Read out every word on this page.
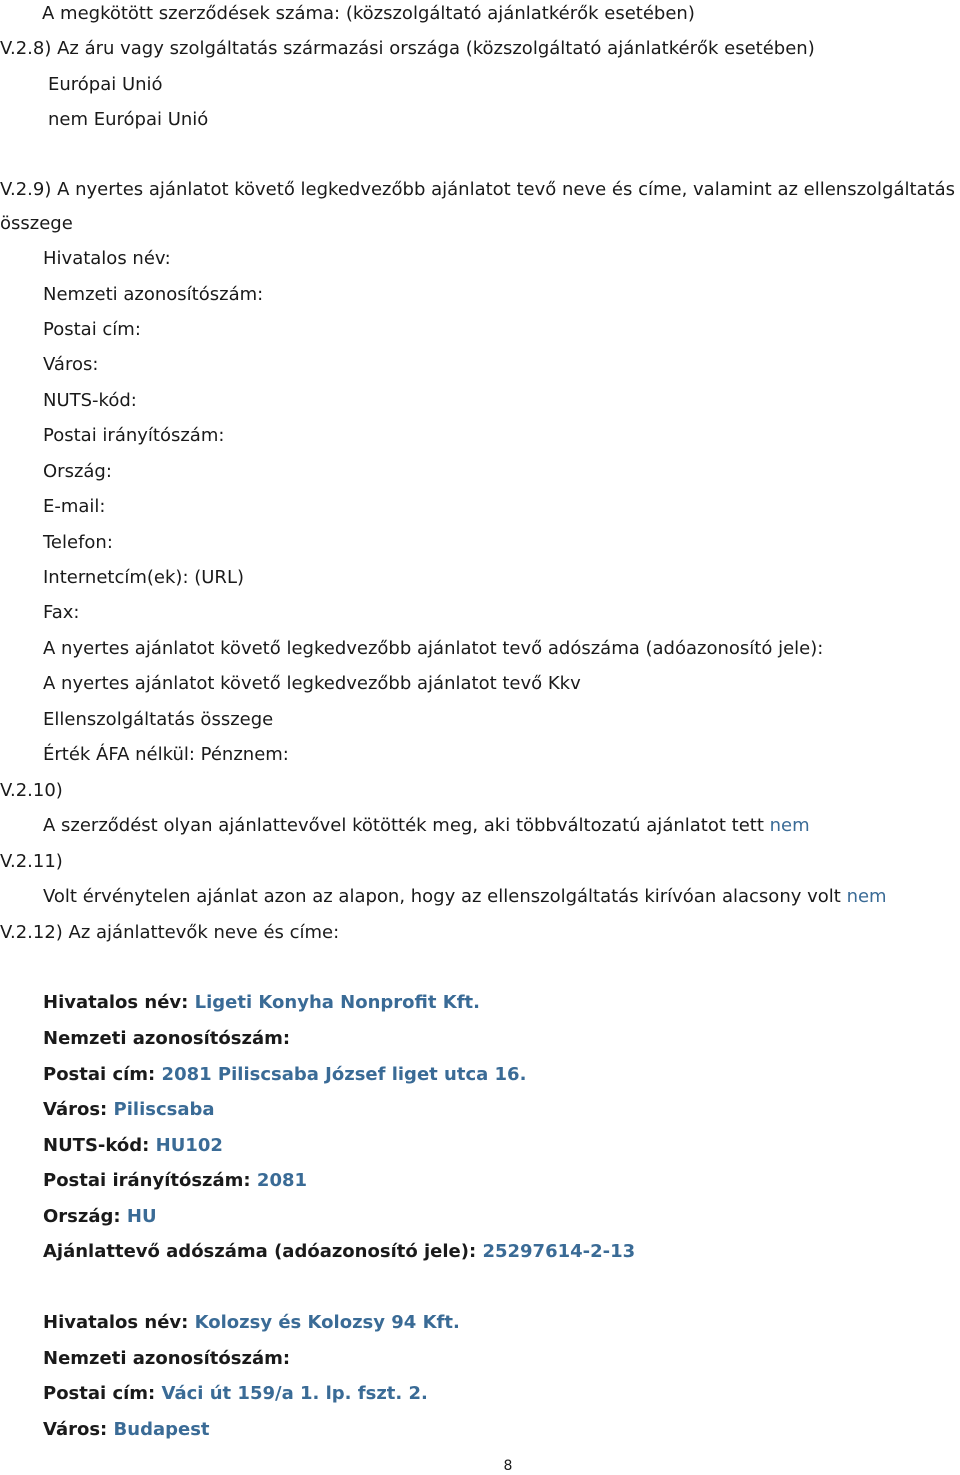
A megkötött szerződések száma: (közszolgáltató ajánlatkérők esetében)
V.2.8) Az áru vagy szolgáltatás származási országa (közszolgáltató ajánlatkérők esetében)
Európai Unió
nem Európai Unió
V.2.9) A nyertes ajánlatot követő legkedvezőbb ajánlatot tevő neve és címe, valamint az ellenszolgáltatás összege
Hivatalos név:
Nemzeti azonosítószám:
Postai cím:
Város:
NUTS-kód:
Postai irányítószám:
Ország:
E-mail:
Telefon:
Internetcím(ek): (URL)
Fax:
A nyertes ajánlatot követő legkedvezőbb ajánlatot tevő adószáma (adóazonosító jele):
A nyertes ajánlatot követő legkedvezőbb ajánlatot tevő Kkv
Ellenszolgáltatás összege
Érték ÁFA nélkül: Pénznem:
V.2.10)
A szerződést olyan ajánlattevővel kötötték meg, aki többváltozatú ajánlatot tett nem
V.2.11)
Volt érvénytelen ajánlat azon az alapon, hogy az ellenszolgáltatás kirívóan alacsony volt nem
V.2.12) Az ajánlattevők neve és címe:
Hivatalos név: Ligeti Konyha Nonprofit Kft.
Nemzeti azonosítószám:
Postai cím: 2081 Piliscsaba József liget utca 16.
Város: Piliscsaba
NUTS-kód: HU102
Postai irányítószám: 2081
Ország: HU
Ajánlattevő adószáma (adóazonosító jele): 25297614-2-13
Hivatalos név: Kolozsy és Kolozsy 94 Kft.
Nemzeti azonosítószám:
Postai cím: Váci út 159/a 1. lp. fszt. 2.
Város: Budapest
8
